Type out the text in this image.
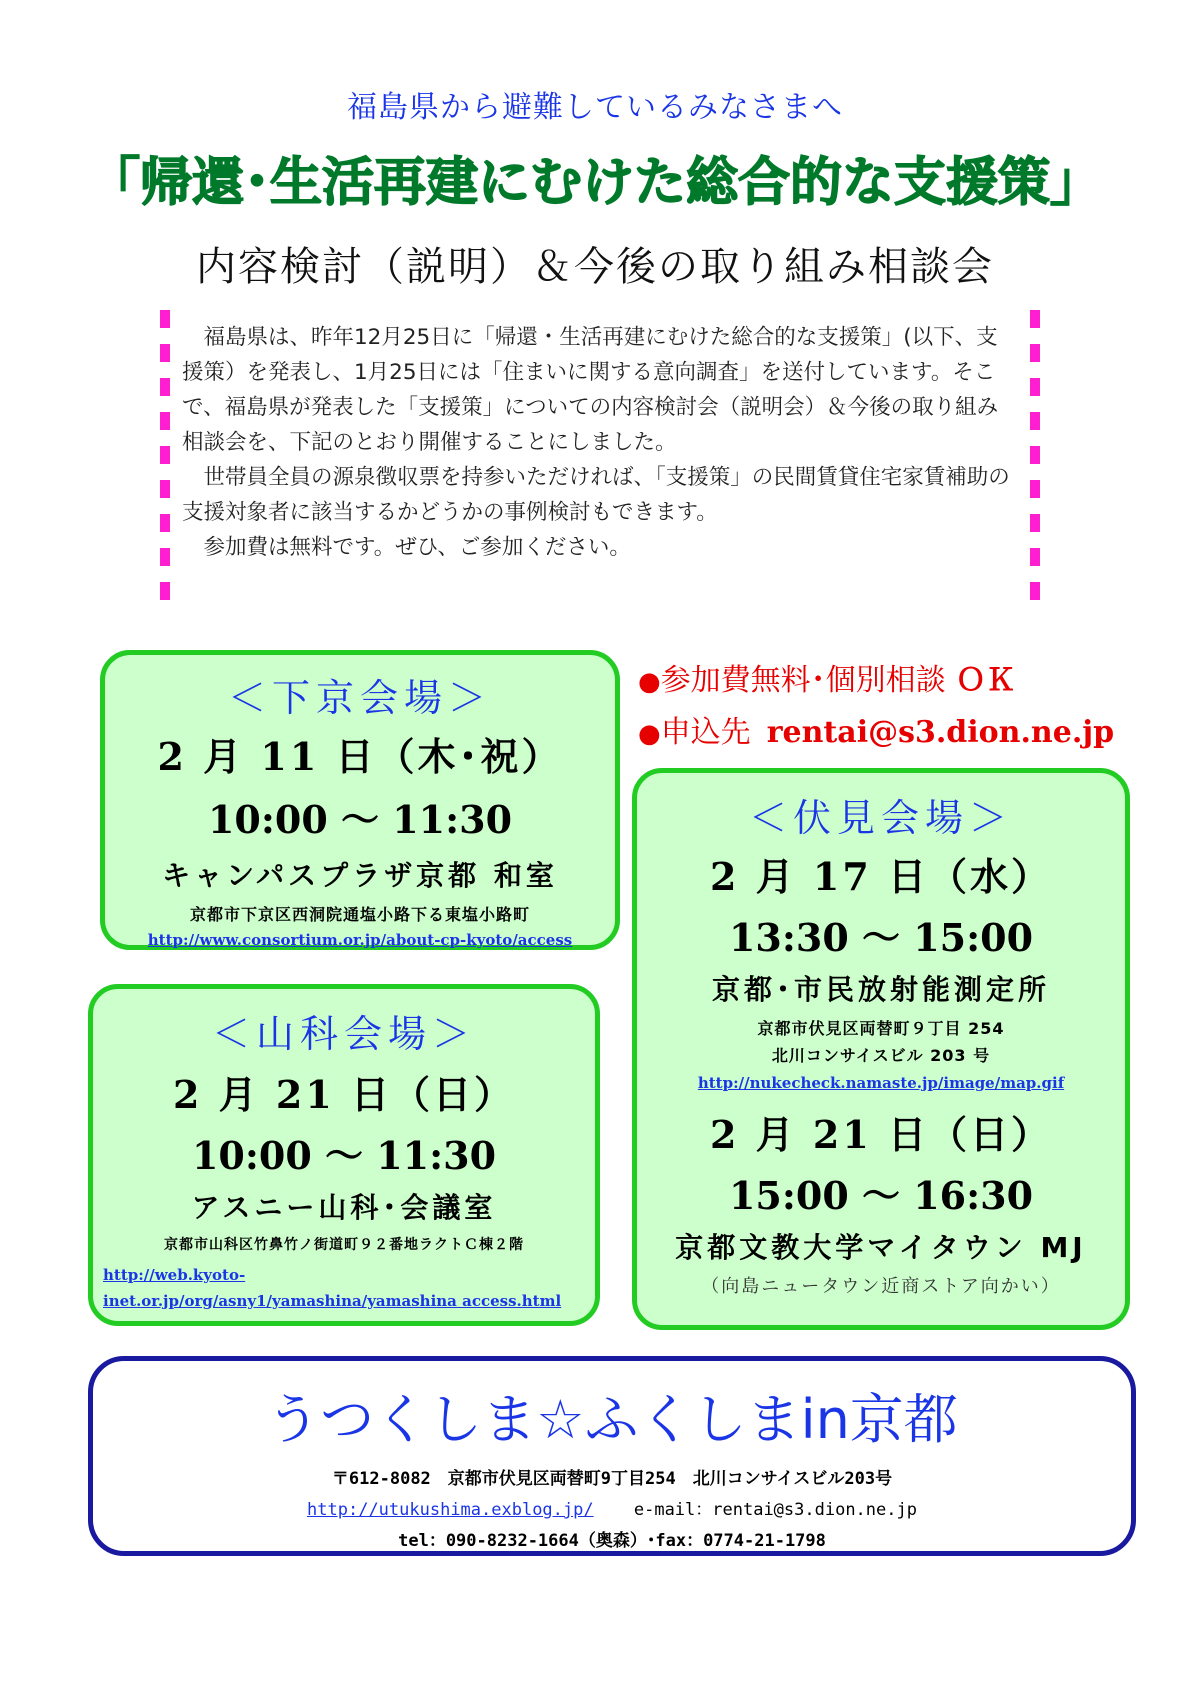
福島県から避難しているみなさまへ
「帰還･生活再建にむけた総合的な支援策」
内容検討（説明）＆今後の取り組み相談会

福島県は、昨年12月25日に「帰還・生活再建にむけた総合的な支援策」(以下、支援策）を発表し、1月25日には「住まいに関する意向調査」を送付しています。そこで、福島県が発表した「支援策」についての内容検討会（説明会）＆今後の取り組み相談会を、下記のとおり開催することにしました。

世帯員全員の源泉徴収票を持参いただければ、「支援策」の民間賃貸住宅家賃補助の支援対象者に該当するかどうかの事例検討もできます。

参加費は無料です。ぜひ、ご参加ください。

＜下京会場＞
2 月 11 日（木･祝）
10:00 ～ 11:30
キャンパスプラザ京都 和室
京都市下京区西洞院通塩小路下る東塩小路町
http://www.consortium.or.jp/about-cp-kyoto/access
＜山科会場＞
2 月 21 日（日）
10:00 ～ 11:30
アスニー山科･会議室
京都市山科区竹鼻竹ノ街道町９２番地ラクトＣ棟２階
http://web.kyoto-inet.or.jp/org/asny1/yamashina/yamashina access.html
●参加費無料･個別相談 ＯＫ
●申込先 rentai@s3.dion.ne.jp
＜伏見会場＞
2 月 17 日（水）
13:30 ～ 15:00
京都･市民放射能測定所
京都市伏見区両替町９丁目 254
北川コンサイスビル 203 号
http://nukecheck.namaste.jp/image/map.gif
2 月 21 日（日）
15:00 ～ 16:30
京都文教大学マイタウン MJ
（向島ニュータウン近商ストア向かい）
うつくしま☆ふくしまin京都
〒612-8082　京都市伏見区両替町9丁目254　北川コンサイスビル203号
http://utukushima.exblog.jp/ e-mail：rentai@s3.dion.ne.jp
tel：090-8232-1664（奥森）･fax：0774-21-1798
